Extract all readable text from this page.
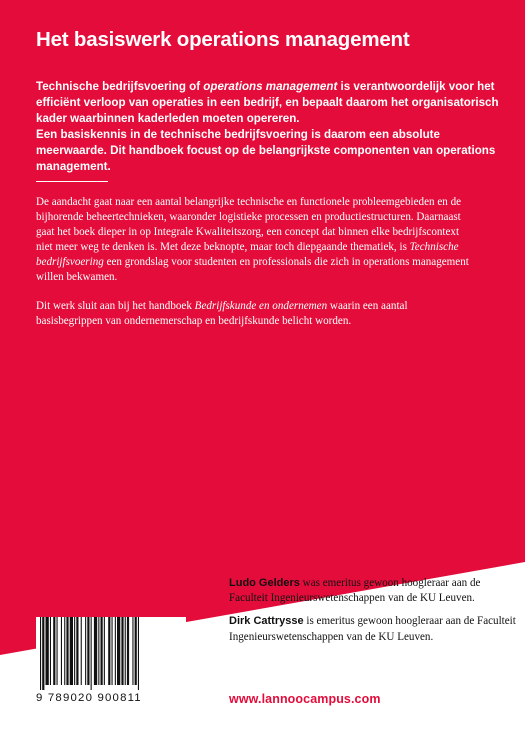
Het basiswerk operations management

Technische bedrijfsvoering of operations management is verantwoordelijk voor het efficiënt verloop van operaties in een bedrijf, en bepaalt daarom het organisatorisch kader waarbinnen kaderleden moeten opereren.

Een basiskennis in de technische bedrijfsvoering is daarom een absolute meerwaarde. Dit handboek focust op de belangrijkste componenten van operations management.

De aandacht gaat naar een aantal belangrijke technische en functionele probleemgebieden en de bijhorende beheertechnieken, waaronder logistieke processen en productiestructuren. Daarnaast gaat het boek dieper in op Integrale Kwaliteitszorg, een concept dat binnen elke bedrijfscontext niet meer weg te denken is. Met deze beknopte, maar toch diepgaande thematiek, is Technische bedrijfsvoering een grondslag voor studenten en professionals die zich in operations management willen bekwamen.

Dit werk sluit aan bij het handboek Bedrijfskunde en ondernemen waarin een aantal basisbegrippen van ondernemerschap en bedrijfskunde belicht worden.

Ludo Gelders was emeritus gewoon hoogleraar aan de Faculteit Ingenieurswetenschappen van de KU Leuven.

Dirk Cattrysse is emeritus gewoon hoogleraar aan de Faculteit Ingenieurswetenschappen van de KU Leuven.

9 789020 900811	www.lannoocampus.com
